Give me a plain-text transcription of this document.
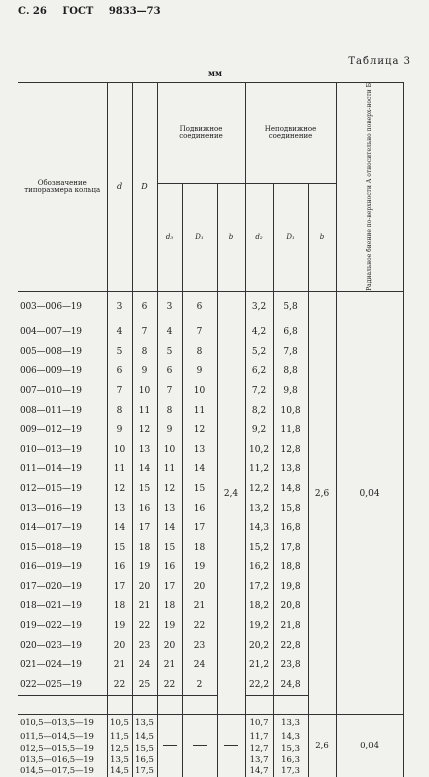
С. 26 ГОСТ 9833—73
Таблица 3
мм
Обозначение типоразмера кольца	d	D	Подвижное соединение			Неподвижное соединение			Радиальное биение по-верхности А относительно поверх-ности Б

			d₃	D₁	b	d₂	D₁	b	
003—006—19	3	6	3	6	2,4	3,2	5,8	2,6	0,04
004—007—19	4	7	4	7		4,2	6,8		
005—008—19	5	8	5	8		5,2	7,8		
006—009—19	6	9	6	9		6,2	8,8		
007—010—19	7	10	7	10		7,2	9,8		
008—011—19	8	11	8	11		8,2	10,8		
009—012—19	9	12	9	12		9,2	11,8		
010—013—19	10	13	10	13		10,2	12,8		
011—014—19	11	14	11	14		11,2	13,8		
012—015—19	12	15	12	15		12,2	14,8		
013—016—19	13	16	13	16		13,2	15,8		
014—017—19	14	17	14	17		14,3	16,8		
015—018—19	15	18	15	18		15,2	17,8		
016—019—19	16	19	16	19		16,2	18,8		
017—020—19	17	20	17	20		17,2	19,8		
018—021—19	18	21	18	21		18,2	20,8		
019—022—19	19	22	19	22		19,2	21,8		
020—023—19	20	23	20	23		20,2	22,8		
021—024—19	21	24	21	24		21,2	23,8		
022—025—19	22	25	22	2		22,2	24,8		

010,5—013,5—19	10,5	13,5				10,7	13,3	2,6	0,04
011,5—014,5—19	11,5	14,5				11,7	14,3		
012,5—015,5—19	12,5	15,5				12,7	15,3		
013,5—016,5—19	13,5	16,5				13,7	16,3		
014,5—017,5—19	14,5	17,5				14,7	17,3		
